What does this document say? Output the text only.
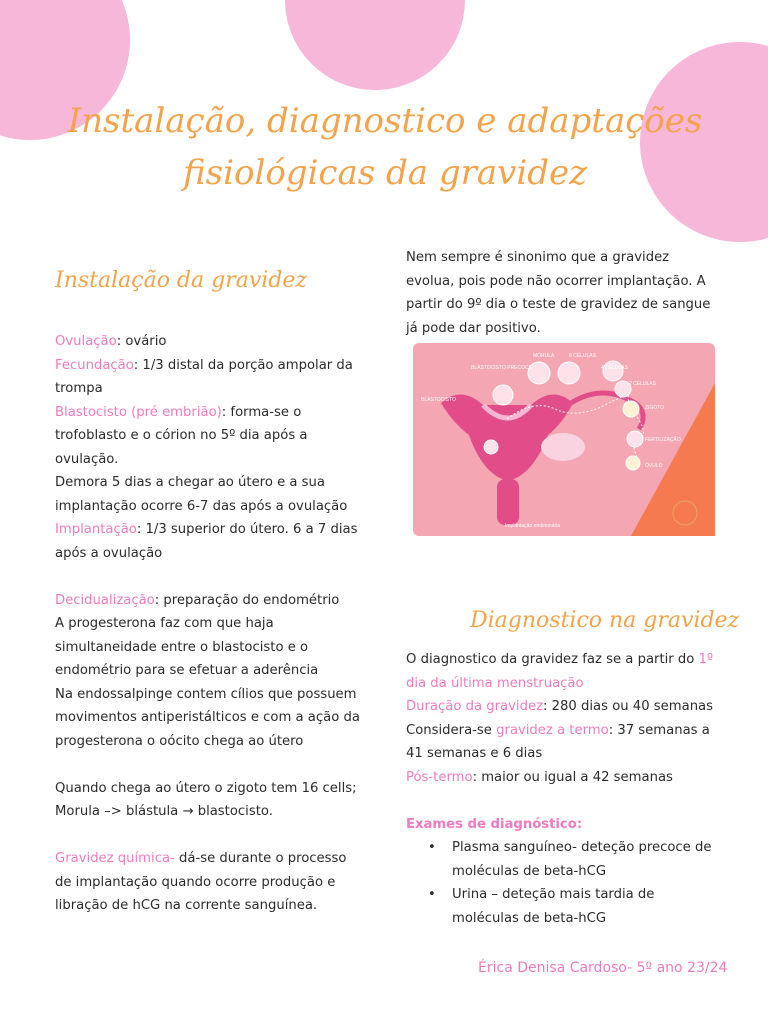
Instalação, diagnostico e adaptações fisiológicas da gravidez
Instalação da gravidez
Ovulação: ovário
Fecundação: 1/3 distal da porção ampolar da trompa
Blastocisto (pré embrião): forma-se o trofoblasto e o córion no 5º dia após a ovulação.
Demora 5 dias a chegar ao útero e a sua implantação ocorre 6-7 das após a ovulação
Implantação: 1/3 superior do útero. 6 a 7 dias após a ovulação
Decidualização: preparação do endométrio
A progesterona faz com que haja simultaneidade entre o blastocisto e o endométrio para se efetuar a aderência
Na endossalpinge contem cílios que possuem movimentos antiperistálticos e com a ação da progesterona o oócito chega ao útero
Quando chega ao útero o zigoto tem 16 cells;
Morula –> blástula → blastocisto.
Gravidez química- dá-se durante o processo de implantação quando ocorre produção e libração de hCG na corrente sanguínea.

Nem sempre é sinonimo que a gravidez evolua, pois pode não ocorrer implantação. A partir do 9º dia o teste de gravidez de sangue já pode dar positivo.

BLASTOCISTO PRECOCE
MÓRULA	8 CÉLULAS
4 CÉLULAS
2 CÉLULAS
BLASTOCISTO
ZIGOTO
FERTILIZAÇÃO
ÓVULO
Implantação embrionária
Diagnostico na gravidez
O diagnostico da gravidez faz se a partir do 1º dia da última menstruação
Duração da gravidez: 280 dias ou 40 semanas
Considera-se gravidez a termo: 37 semanas a 41 semanas e 6 dias
Pós-termo: maior ou igual a 42 semanas
Exames de diagnóstico:
• Plasma sanguíneo- deteção precoce de moléculas de beta-hCG
• Urina – deteção mais tardia de moléculas de beta-hCG
Érica Denisa Cardoso- 5º ano 23/24
